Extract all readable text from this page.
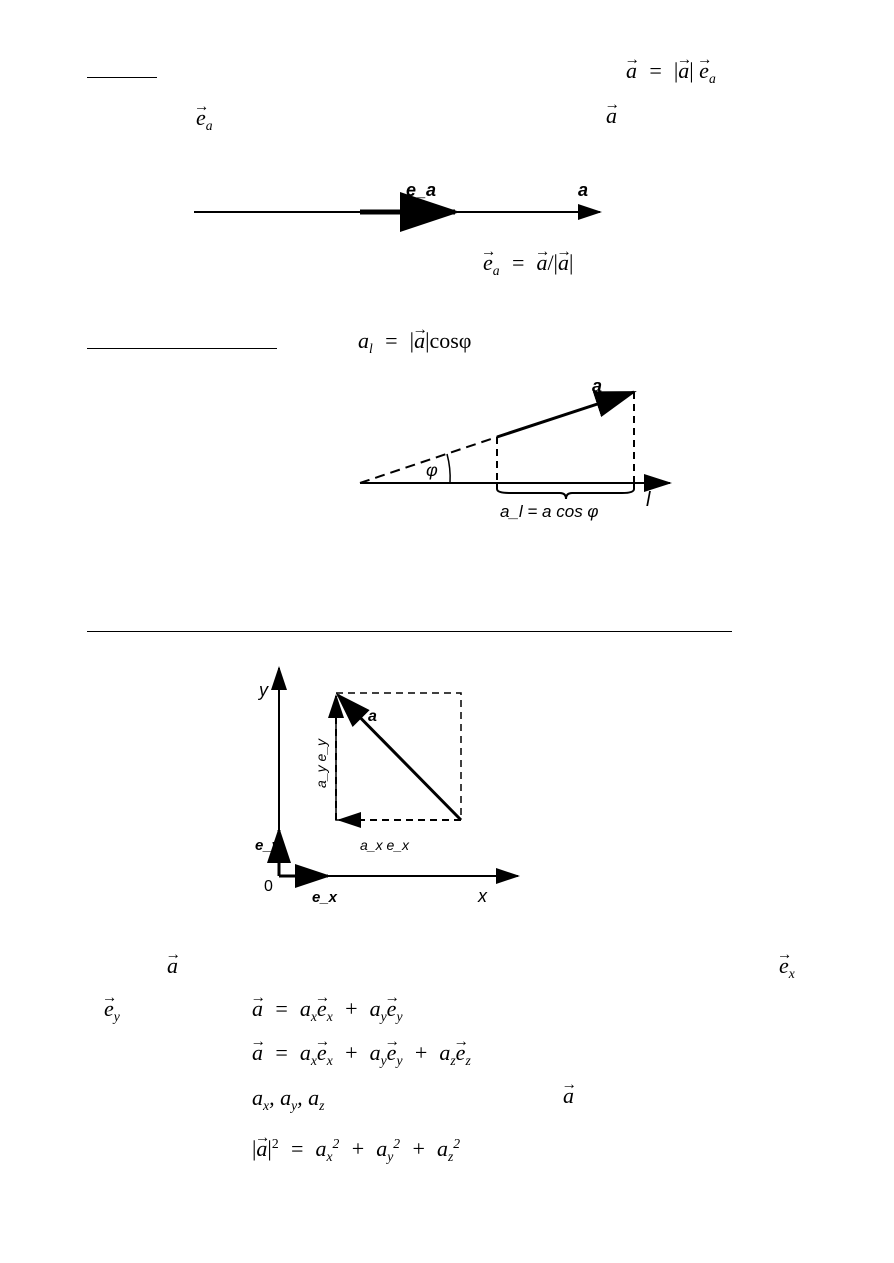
→ a  =  |→ $a| \to e_a$
→ $e_a$	→ a
e_a	a
→ $e_a$  =  → a/|→ a|
$a_l$  =  |→ a|cosφ
a
φ
l
a_l = a cos φ
y
x
0
a
e_y
e_x
a_y e_y
a_x e_x
→ a	→ $e_x$
→ $e_y$	→ $a = a_x\to e_x + a_y\to e_y$
→ $a = a_x\to e_x + a_y\to e_y + a_z\to e_z$
$a_x$, $a_y$, $a_z$	→ a
|→ $a|^2 = a_x^2 + a_y^2 + a_z^2$
